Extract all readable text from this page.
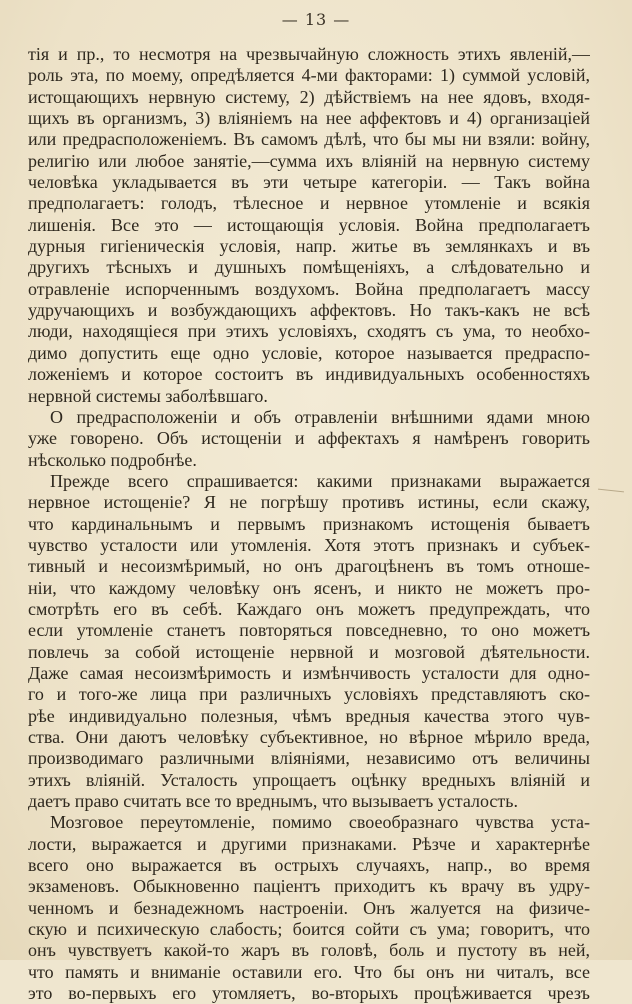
— 13 —
тія и пр., то несмотря на чрезвычайную сложность этихъ явленій,—
роль эта, по моему, опредѣляется 4-ми факторами: 1) суммой условій,
истощающихъ нервную систему, 2) дѣйствіемъ на нее ядовъ, входя-
щихъ въ организмъ, 3) вліяніемъ на нее аффектовъ и 4) организаціей
или предрасположеніемъ. Въ самомъ дѣлѣ, что бы мы ни взяли: войну,
религію или любое занятіе,—сумма ихъ вліяній на нервную систему
человѣка укладывается въ эти четыре категоріи. — Такъ война
предполагаетъ: голодъ, тѣлесное и нервное утомленіе и всякія
лишенія. Все это — истощающія условія. Война предполагаетъ
дурныя гигіеническія условія, напр. житье въ землянкахъ и въ
другихъ тѣсныхъ и душныхъ помѣщеніяхъ, а слѣдовательно и
отравленіе испорченнымъ воздухомъ. Война предполагаетъ массу
удручающихъ и возбуждающихъ аффектовъ. Но такъ-какъ не всѣ
люди, находящіеся при этихъ условіяхъ, сходятъ съ ума, то необхо-
димо допустить еще одно условіе, которое называется предраспо-
ложеніемъ и которое состоитъ въ индивидуальныхъ особенностяхъ
нервной системы заболѣвшаго.
О предрасположеніи и объ отравленіи внѣшними ядами мною
уже говорено. Объ истощеніи и аффектахъ я намѣренъ говорить
нѣсколько подробнѣе.
Прежде всего спрашивается: какими признаками выражается
нервное истощеніе? Я не погрѣшу противъ истины, если скажу,
что кардинальнымъ и первымъ признакомъ истощенія бываетъ
чувство усталости или утомленія. Хотя этотъ признакъ и субъек-
тивный и несоизмѣримый, но онъ драгоцѣненъ въ томъ отноше-
ніи, что каждому человѣку онъ ясенъ, и никто не можетъ про-
смотрѣть его въ себѣ. Каждаго онъ можетъ предупреждать, что
если утомленіе станетъ повторяться повседневно, то оно можетъ
повлечь за собой истощеніе нервной и мозговой дѣятельности.
Даже самая несоизмѣримость и измѣнчивость усталости для одно-
го и того-же лица при различныхъ условіяхъ представляютъ ско-
рѣе индивидуально полезныя, чѣмъ вредныя качества этого чув-
ства. Они даютъ человѣку субъективное, но вѣрное мѣрило вреда,
производимаго различными вліяніями, независимо отъ величины
этихъ вліяній. Усталость упрощаетъ оцѣнку вредныхъ вліяній и
даетъ право считать все то вреднымъ, что вызываетъ усталость.
Мозговое переутомленіе, помимо своеобразнаго чувства уста-
лости, выражается и другими признаками. Рѣзче и характернѣе
всего оно выражается въ острыхъ случаяхъ, напр., во время
экзаменовъ. Обыкновенно паціентъ приходитъ къ врачу въ удру-
ченномъ и безнадежномъ настроеніи. Онъ жалуется на физиче-
скую и психическую слабость; боится сойти съ ума; говоритъ, что
онъ чувствуетъ какой-то жаръ въ головѣ, боль и пустоту въ ней,
что память и вниманіе оставили его. Что бы онъ ни читалъ, все
это во-первыхъ его утомляетъ, во-вторыхъ процѣживается чрезъ
